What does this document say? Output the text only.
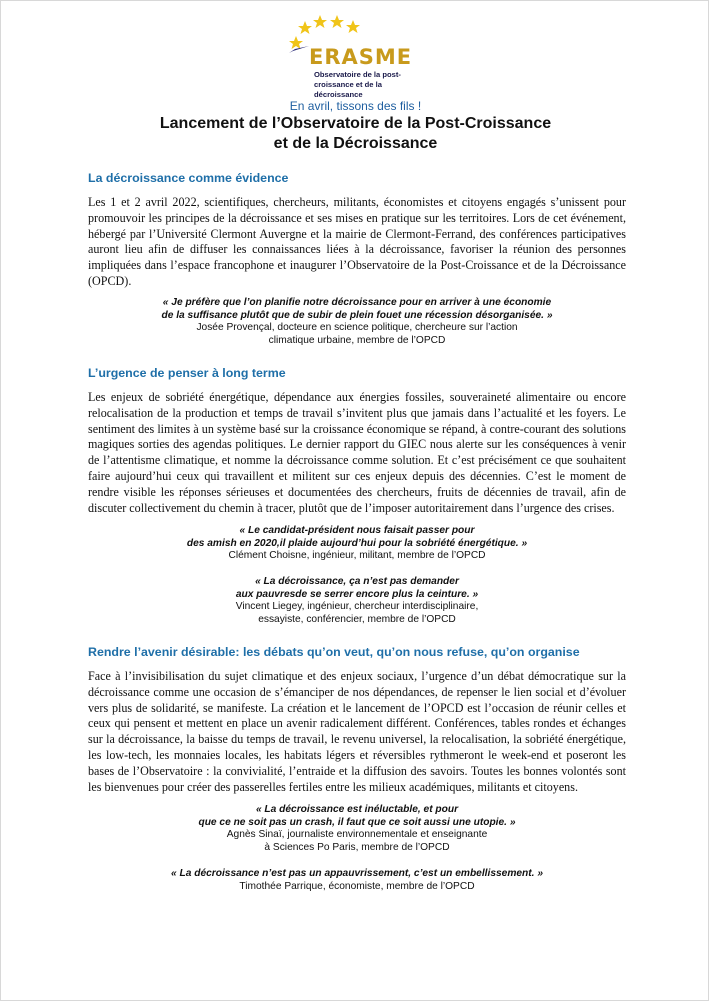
ERASME
Observatoire de la post-croissance et de la décroissance
En avril, tissons des fils !
Lancement de l’Observatoire de la Post-Croissance
et de la Décroissance
La décroissance comme évidence

Les 1 et 2 avril 2022, scientifiques, chercheurs, militants, économistes et citoyens engagés s’unissent pour promouvoir les principes de la décroissance et ses mises en pratique sur les territoires. Lors de cet événement, hébergé par l’Université Clermont Auvergne et la mairie de Clermont-Ferrand, des conférences participatives auront lieu afin de diffuser les connaissances liées à la décroissance, favoriser la réunion des personnes impliquées dans l’espace francophone et inaugurer l’Observatoire de la Post-Croissance et de la Décroissance (OPCD).

« Je préfère que l’on planifie notre décroissance pour en arriver à une économie
de la suffisance plutôt que de subir de plein fouet une récession désorganisée. »
Josée Provençal, docteure en science politique, chercheure sur l’action
climatique urbaine, membre de l’OPCD
L’urgence de penser à long terme

Les enjeux de sobriété énergétique, dépendance aux énergies fossiles, souveraineté alimentaire ou encore relocalisation de la production et temps de travail s’invitent plus que jamais dans l’actualité et les foyers. Le sentiment des limites à un système basé sur la croissance économique se répand, à contre-courant des solutions magiques sorties des agendas politiques. Le dernier rapport du GIEC nous alerte sur les conséquences à venir de l’attentisme climatique, et nomme la décroissance comme solution. Et c’est précisément ce que souhaitent faire aujourd’hui ceux qui travaillent et militent sur ces enjeux depuis des décennies. C’est le moment de rendre visible les réponses sérieuses et documentées des chercheurs, fruits de décennies de travail, afin de discuter collectivement du chemin à tracer, plutôt que de l’imposer autoritairement dans l’urgence des crises.

« Le candidat-président nous faisait passer pour
des amish en 2020,il plaide aujourd’hui pour la sobriété énergétique. »
Clément Choisne, ingénieur, militant, membre de l’OPCD
« La décroissance, ça n’est pas demander
aux pauvresde se serrer encore plus la ceinture. »
Vincent Liegey, ingénieur, chercheur interdisciplinaire,
essayiste, conférencier, membre de l’OPCD
Rendre l’avenir désirable: les débats qu’on veut, qu’on nous refuse, qu’on organise

Face à l’invisibilisation du sujet climatique et des enjeux sociaux, l’urgence d’un débat démocratique sur la décroissance comme une occasion de s’émanciper de nos dépendances, de repenser le lien social et d’évoluer vers plus de solidarité, se manifeste. La création et le lancement de l’OPCD est l’occasion de réunir celles et ceux qui pensent et mettent en place un avenir radicalement différent. Conférences, tables rondes et échanges sur la décroissance, la baisse du temps de travail, le revenu universel, la relocalisation, la sobriété énergétique, les low-tech, les monnaies locales, les habitats légers et réversibles rythmeront le week-end et poseront les bases de l’Observatoire : la convivialité, l’entraide et la diffusion des savoirs. Toutes les bonnes volontés sont les bienvenues pour créer des passerelles fertiles entre les milieux académiques, militants et citoyens.

« La décroissance est inéluctable, et pour
que ce ne soit pas un crash, il faut que ce soit aussi une utopie. »
Agnès Sinaï, journaliste environnementale et enseignante
à Sciences Po Paris, membre de l’OPCD
« La décroissance n’est pas un appauvrissement, c’est un embellissement. »
Timothée Parrique, économiste, membre de l’OPCD
